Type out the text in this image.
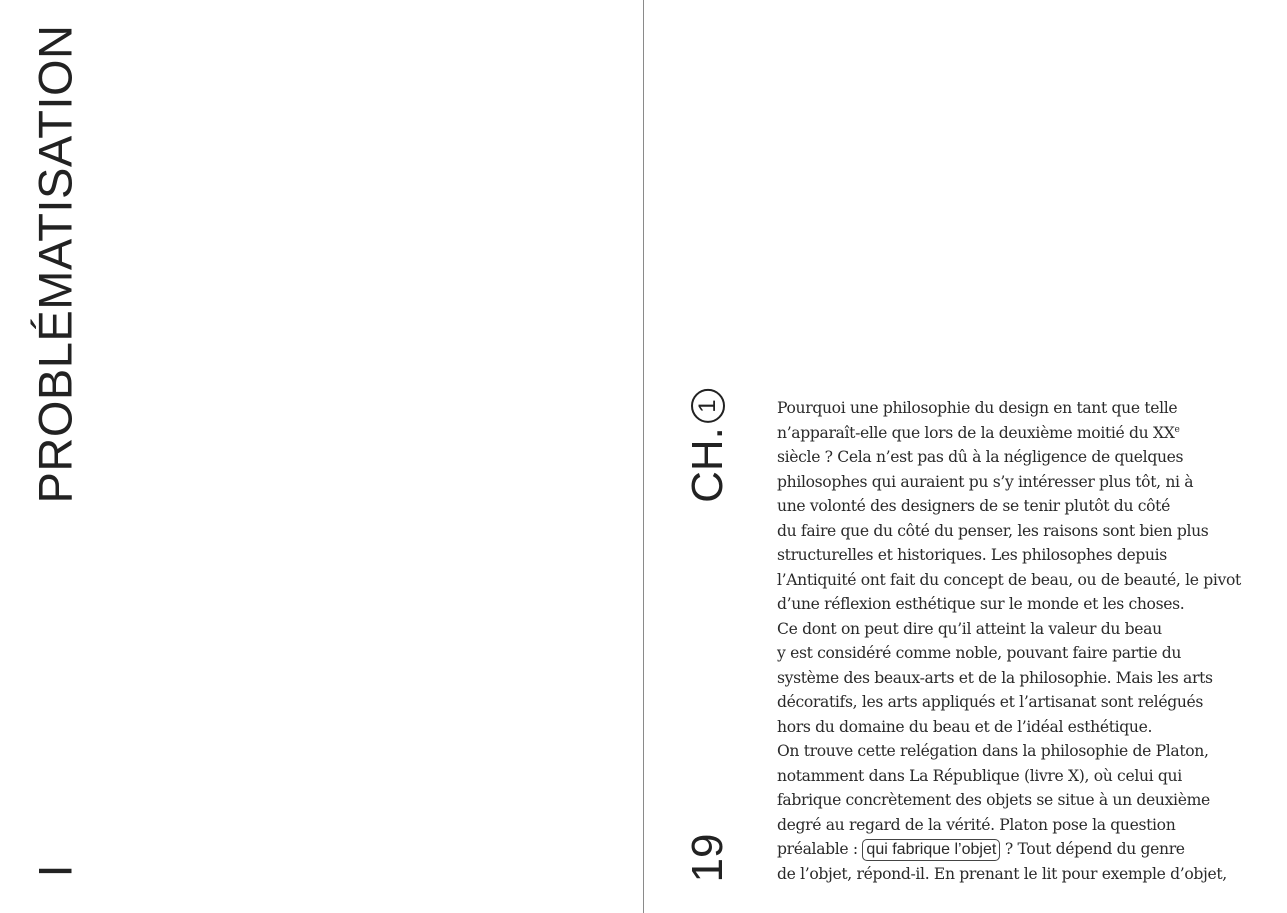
PROBLÉMATISATION
I
CH.
1
19
Pourquoi une philosophie du design en tant que telle
n’apparaît-elle que lors de la deuxième moitié du XXe
siècle ? Cela n’est pas dû à la négligence de quelques
philosophes qui auraient pu s’y intéresser plus tôt, ni à
une volonté des designers de se tenir plutôt du côté
du faire que du côté du penser, les raisons sont bien plus
structurelles et historiques. Les philosophes depuis
l’Antiquité ont fait du concept de beau, ou de beauté, le pivot
d’une réflexion esthétique sur le monde et les choses.
Ce dont on peut dire qu’il atteint la valeur du beau
y est considéré comme noble, pouvant faire partie du
système des beaux-arts et de la philosophie. Mais les arts
décoratifs, les arts appliqués et l’artisanat sont relégués
hors du domaine du beau et de l’idéal esthétique.
On trouve cette relégation dans la philosophie de Platon,
notamment dans La République (livre X), où celui qui
fabrique concrètement des objets se situe à un deuxième
degré au regard de la vérité. Platon pose la question
préalable : qui fabrique l’objet ? Tout dépend du genre
de l’objet, répond-il. En prenant le lit pour exemple d’objet,
